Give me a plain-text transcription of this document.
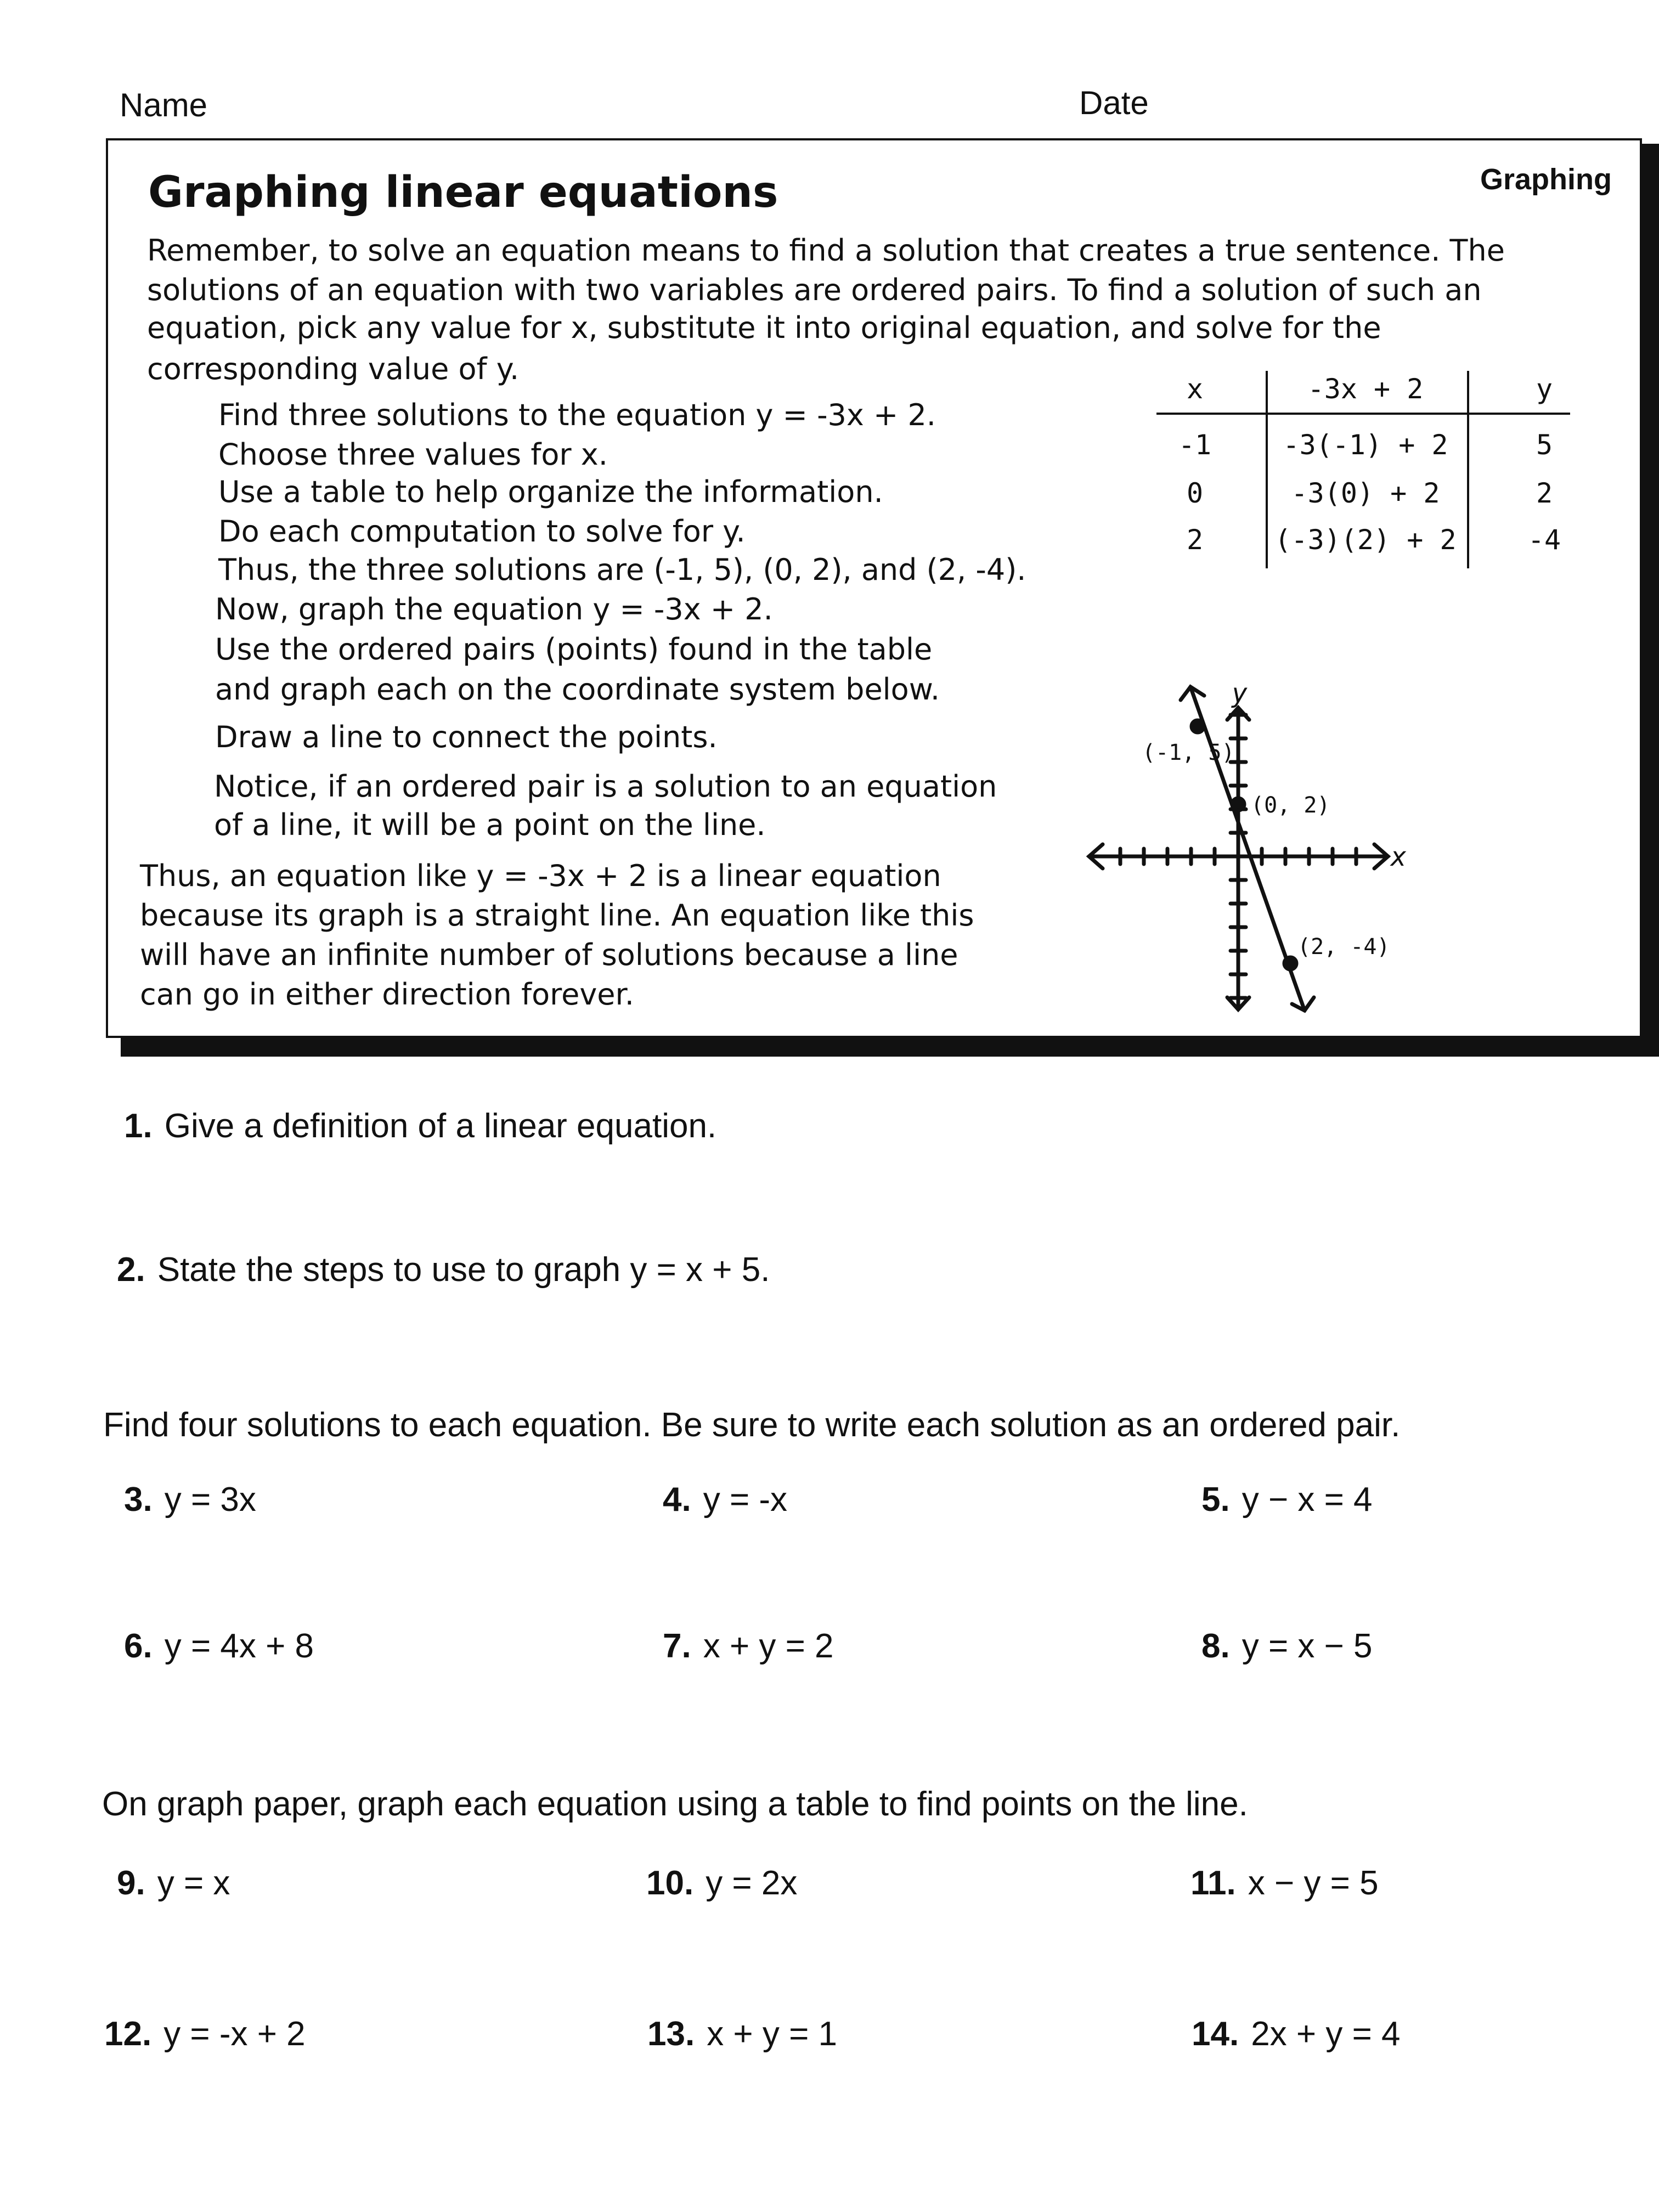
Name	Date
Graphing linear equations	Graphing
Remember, to solve an equation means to find a solution that creates a true sentence. The
solutions of an equation with two variables are ordered pairs. To find a solution of such an
equation, pick any value for x, substitute it into original equation, and solve for the
corresponding value of y.
Find three solutions to the equation y = -3x + 2.
Choose three values for x.
Use a table to help organize the information.
Do each computation to solve for y.
Thus, the three solutions are (-1, 5), (0, 2), and (2, -4).
Now, graph the equation y = -3x + 2.
Use the ordered pairs (points) found in the table
and graph each on the coordinate system below.
Draw a line to connect the points.
Notice, if an ordered pair is a solution to an equation
of a line, it will be a point on the line.
Thus, an equation like y = -3x + 2 is a linear equation
because its graph is a straight line. An equation like this
will have an infinite number of solutions because a line
can go in either direction forever.
x	-3x + 2	y
-1	-3(-1) + 2	5
0	-3(0) + 2	2
2	(-3)(2) + 2	-4
(-1, 5)
(0, 2)
(2, -4)
y
x
1. Give a definition of a linear equation.
2. State the steps to use to graph y = x + 5.
Find four solutions to each equation. Be sure to write each solution as an ordered pair.
3. y = 3x	4. y = -x	5. y − x = 4
6. y = 4x + 8	7. x + y = 2	8. y = x − 5
On graph paper, graph each equation using a table to find points on the line.
9. y = x	10. y = 2x	11. x − y = 5
12. y = -x + 2	13. x + y = 1	14. 2x + y = 4
